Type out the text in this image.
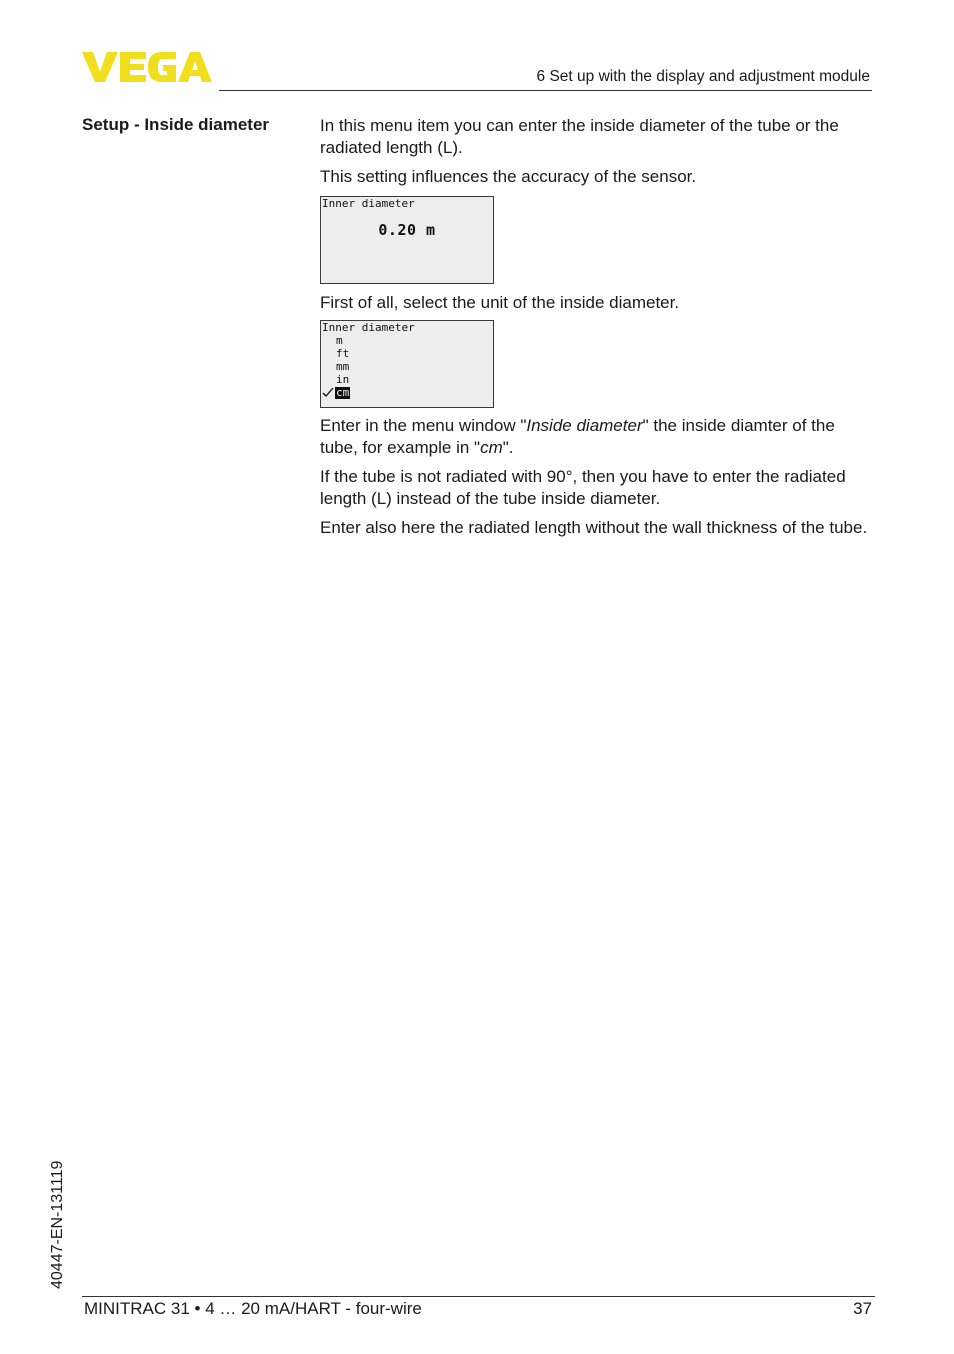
6 Set up with the display and adjustment module
Setup - Inside diameter	In this menu item you can enter the inside diameter of the tube or the radiated length (L).

This setting influences the accuracy of the sensor.

Inner diameter
0.20 m

First of all, select the unit of the inside diameter.

Inner diameter
m
ft
mm
in
cm

Enter in the menu window "Inside diameter" the inside diamter of the tube, for example in "cm".

If the tube is not radiated with 90°, then you have to enter the radiated length (L) instead of the tube inside diameter.

Enter also here the radiated length without the wall thickness of the tube.

40447-EN-131119
MINITRAC 31 • 4 … 20 mA/HART - four-wire	37
